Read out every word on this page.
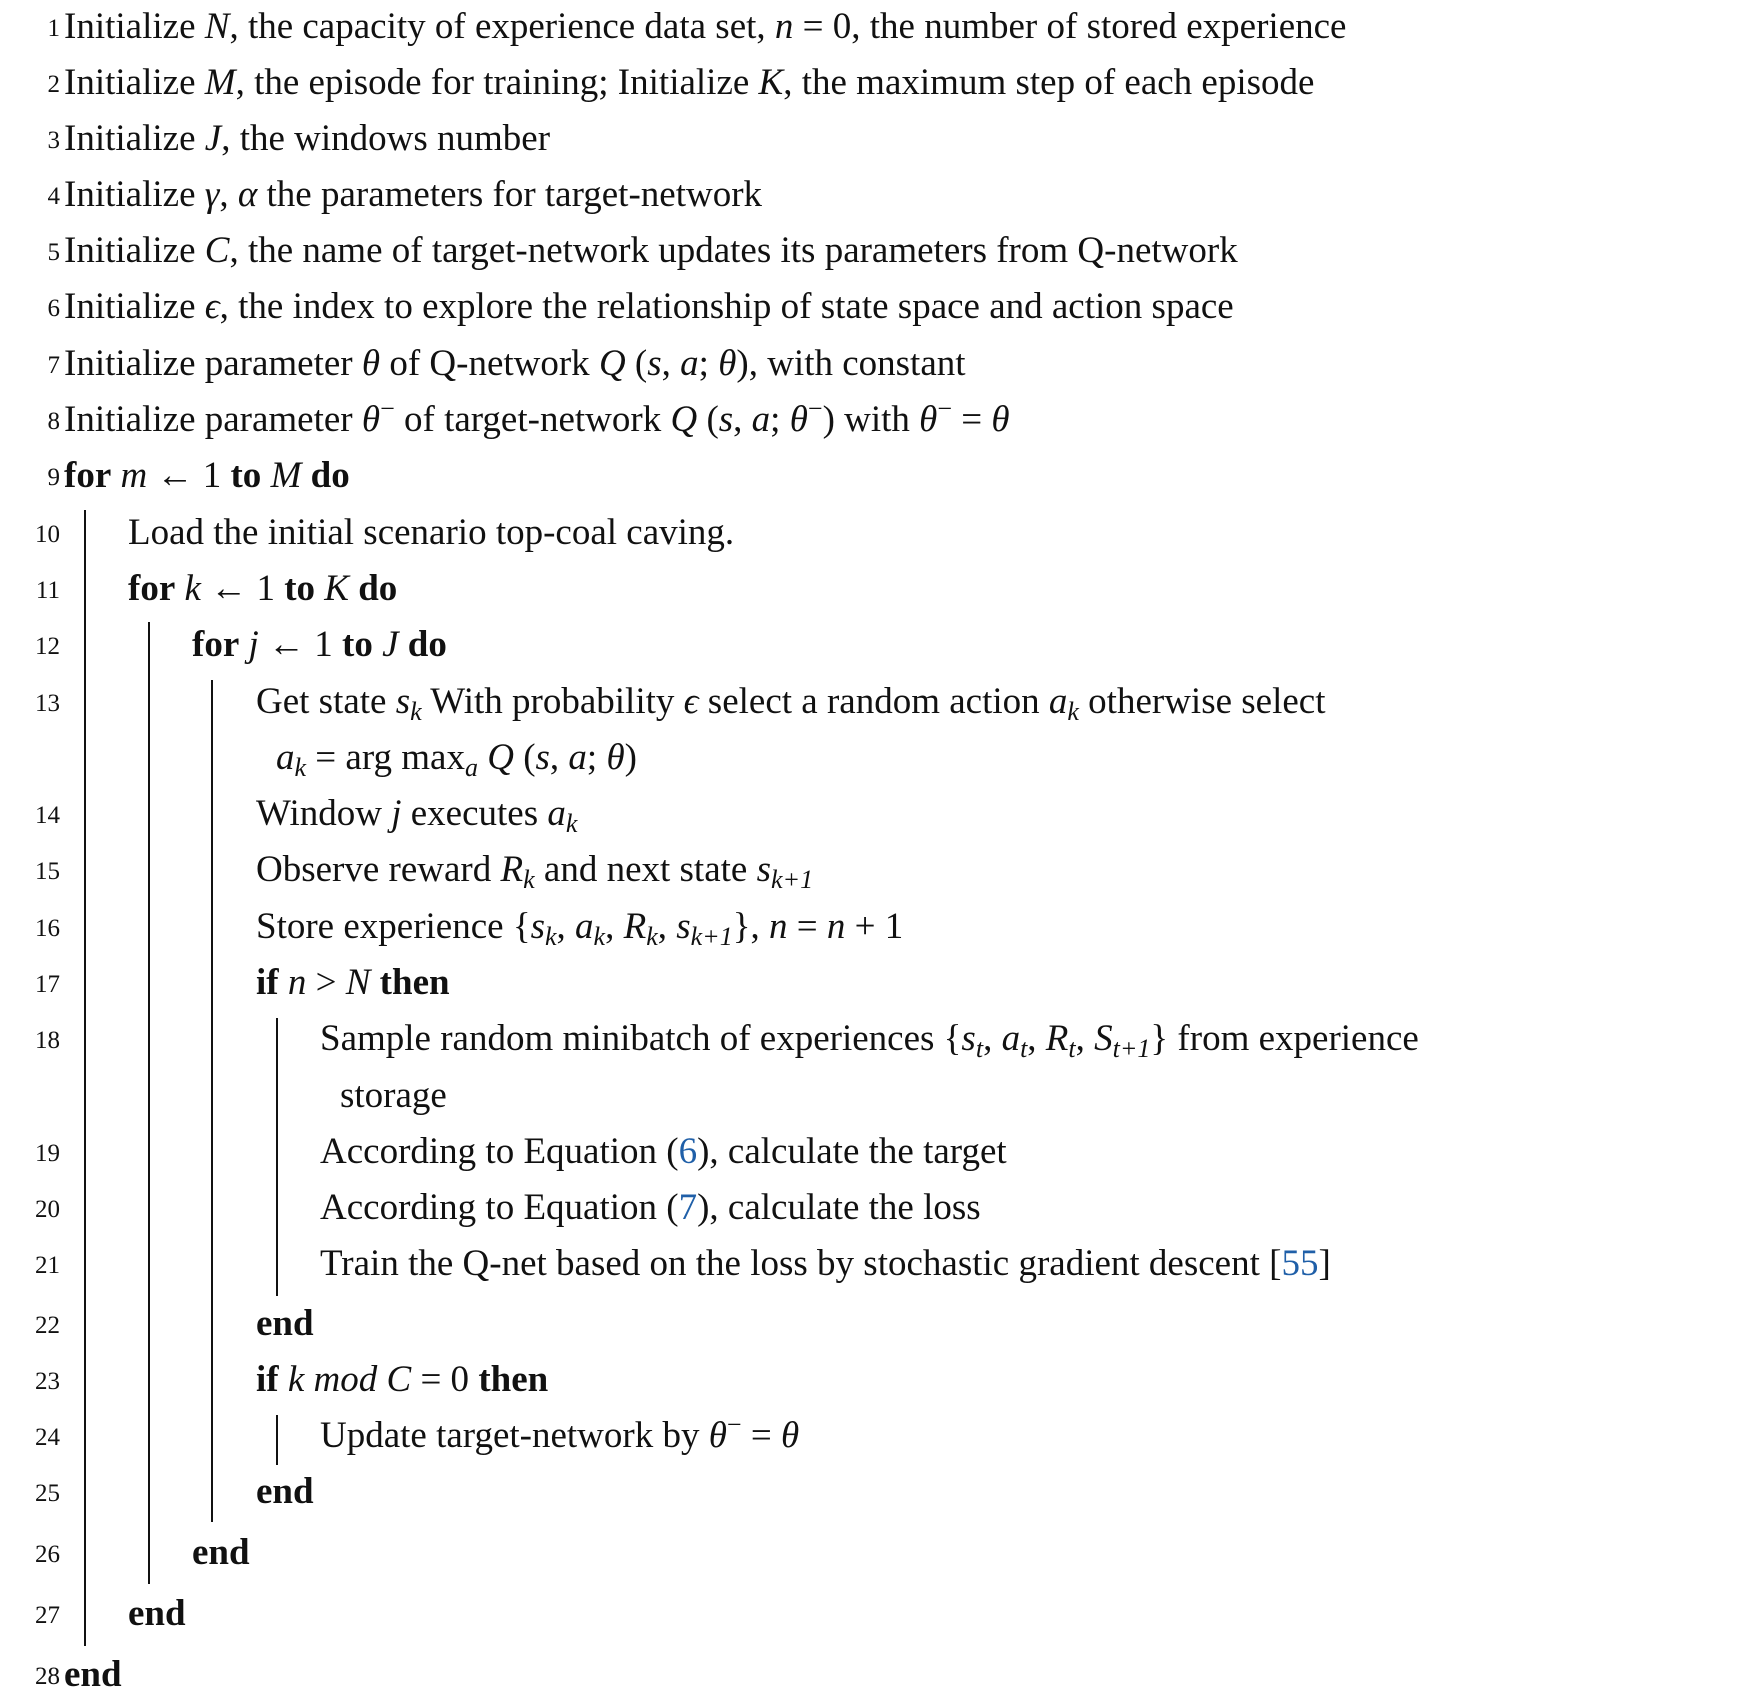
1
2
3
4
5
6
7
8
9
10
11
12
13
14
15
16
17
18
19
20
21
22
23
24
25
26
27
28
Initialize N, the capacity of experience data set, n = 0, the number of stored experience
Initialize M, the episode for training; Initialize K, the maximum step of each episode
Initialize J, the windows number
Initialize γ, α the parameters for target-network
Initialize C, the name of target-network updates its parameters from Q-network
Initialize ϵ, the index to explore the relationship of state space and action space
Initialize parameter θ of Q-network Q (s, a; θ), with constant
Initialize parameter θ− of target-network Q (s, a; θ−) with θ− = θ
for m ← 1 to M do
Load the initial scenario top-coal caving.
for k ← 1 to K do
for j ← 1 to J do
Get state $s_k$ With probability ϵ select a random action $a_k$ otherwise select
$a_k$ = arg $\max_a Q$ (s, a; θ)
Window j executes $a_k$
Observe reward $R_k$ and next state $s_{k+1}$
Store experience {$s_k$, $a_k$, $R_k$, $s_{k+1}$}, n = n + 1
if n > N then
Sample random minibatch of experiences {$s_t$, $a_t$, $R_t$, $S_{t+1}$} from experience
storage
According to Equation (6), calculate the target
According to Equation (7), calculate the loss
Train the Q-net based on the loss by stochastic gradient descent [55]
end
if k mod C = 0 then
Update target-network by θ− = θ
end
end
end
end
